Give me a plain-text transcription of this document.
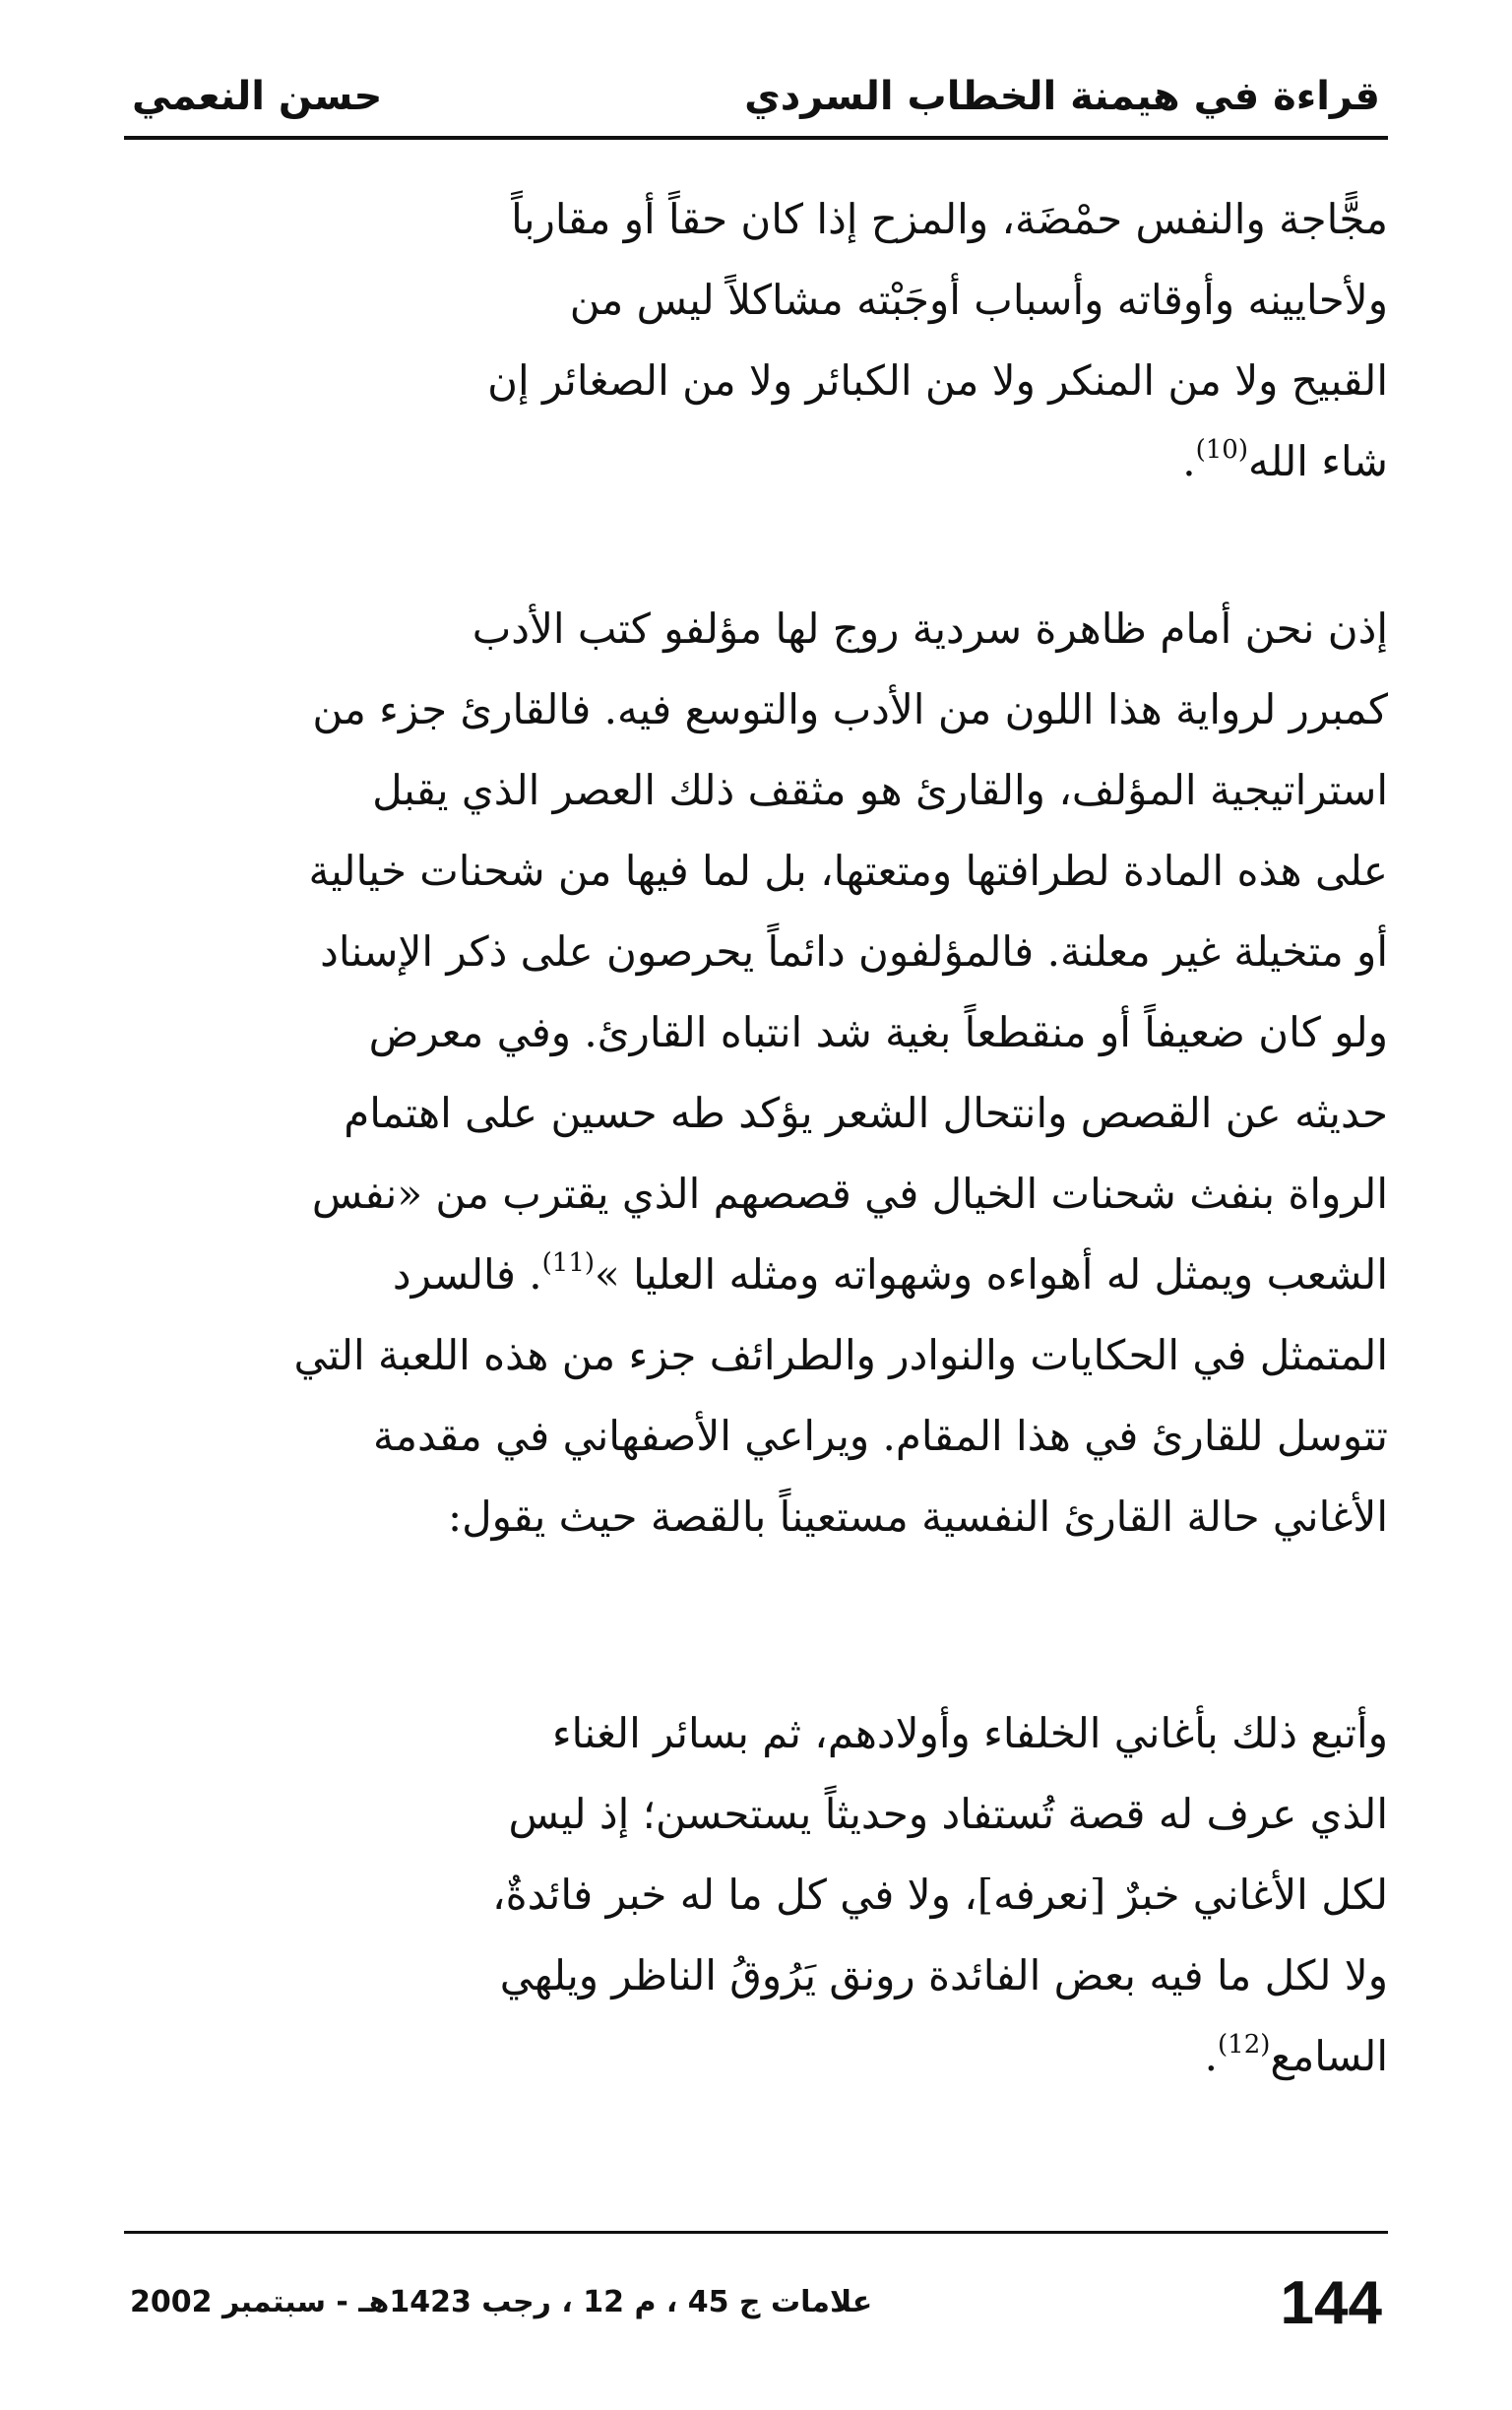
قراءة في هيمنة الخطاب السردي
حسن النعمي
مجًّاجة والنفس حمْضَة، والمزح إذا كان حقاً أو مقارباً
ولأحايينه وأوقاته وأسباب أوجَبْته مشاكلاً ليس من
القبيح ولا من المنكر ولا من الكبائر ولا من الصغائر إن
شاء الله$^{(10)}$.
إذن نحن أمام ظاهرة سردية روج لها مؤلفو كتب الأدب
كمبرر لرواية هذا اللون من الأدب والتوسع فيه. فالقارئ جزء من
استراتيجية المؤلف، والقارئ هو مثقف ذلك العصر الذي يقبل
على هذه المادة لطرافتها ومتعتها، بل لما فيها من شحنات خيالية
أو متخيلة غير معلنة. فالمؤلفون دائماً يحرصون على ذكر الإسناد
ولو كان ضعيفاً أو منقطعاً بغية شد انتباه القارئ. وفي معرض
حديثه عن القصص وانتحال الشعر يؤكد طه حسين على اهتمام
الرواة بنفث شحنات الخيال في قصصهم الذي يقترب من «نفس
الشعب ويمثل له أهواءه وشهواته ومثله العليا »$^{(11)}$. فالسرد
المتمثل في الحكايات والنوادر والطرائف جزء من هذه اللعبة التي
تتوسل للقارئ في هذا المقام. ويراعي الأصفهاني في مقدمة
الأغاني حالة القارئ النفسية مستعيناً بالقصة حيث يقول:
وأتبع ذلك بأغاني الخلفاء وأولادهم، ثم بسائر الغناء
الذي عرف له قصة تُستفاد وحديثاً يستحسن؛ إذ ليس
لكل الأغاني خبرٌ [نعرفه]، ولا في كل ما له خبر فائدةٌ،
ولا لكل ما فيه بعض الفائدة رونق يَرُوقُ الناظر ويلهي
السامع$^{(12)}$.
144
علامات ج 45 ، م 12 ، رجب 1423هـ - سبتمبر 2002
